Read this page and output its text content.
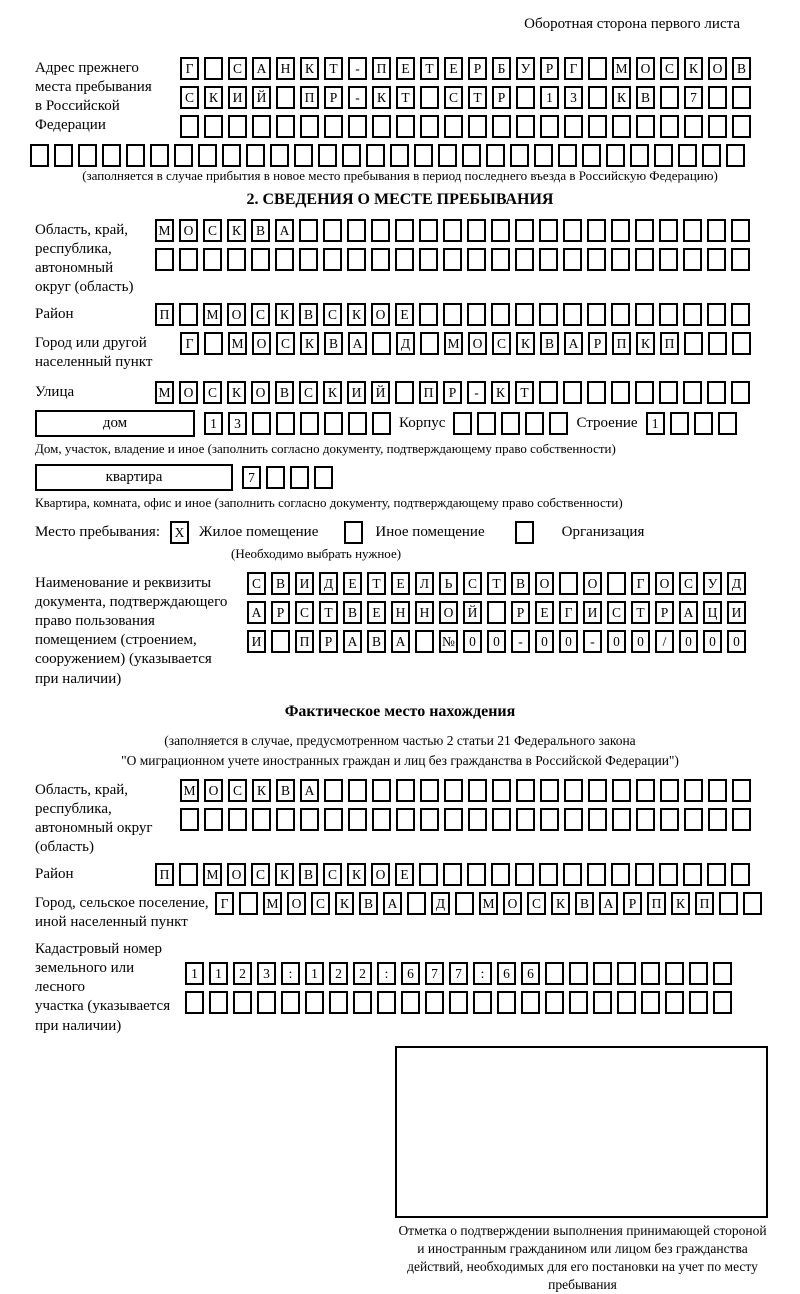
Оборотная сторона первого листа
Адрес прежнего
места пребывания
в Российской
Федерации
Г	С	А	Н	К	Т	-	П	Е	Т	Е	Р	Б	У	Р	Г	М О	С	К	О	В
С	К	И	Й	П	Р	-	К	Т	С	Т	Р	1	3	К	В	7
(заполняется в случае прибытия в новое место пребывания в период последнего въезда в Российскую Федерацию)
2. СВЕДЕНИЯ О МЕСТЕ ПРЕБЫВАНИЯ
Область, край,
республика,
автономный
округ (область)
М О	С	К	В	А
Район	П	М О	С	К	В	С	К	О	Е
Город или другой
населенный пункт
Г	М О	С	К	В	А	Д	М О	С	К	В	А	Р	П	К	П
Улица	М О	С	К	О	В	С	К	И	Й	П	Р	-	К	Т
дом	1	3	Корпус	Строение	1
Дом, участок, владение и иное (заполнить согласно документу, подтверждающему право собственности)
квартира	7
Квартира, комната, офис и иное (заполнить согласно документу, подтверждающему право собственности)
Место пребывания:	X Жилое помещение	Иное помещение	Организация
(Необходимо выбрать нужное)
Наименование и реквизиты
документа, подтверждающего
право пользования
помещением (строением,
сооружением) (указывается
при наличии)
С	В	И	Д	Е	Т	Е	Л	Ь	С	Т	В	О	О	Г	О	С	У	Д
А	Р	С	Т	В	Е	Н	Н	О	Й	Р	Е	Г	И	С	Т	Р	А	Ц	И
И	П	Р	А	В	А	№	0	0	-	0	0	-	0	0	/	0	0	0
Фактическое место нахождения
(заполняется в случае, предусмотренном частью 2 статьи 21 Федерального закона
"О миграционном учете иностранных граждан и лиц без гражданства в Российской Федерации")
Область, край,
республика,
автономный округ
(область)
М О	С	К	В	А
Район	П	М О	С	К	В	С	К	О	Е
Город, сельское поселение,
иной населенный пункт
Г	М О	С	К	В	А	Д	М О	С	К	В	А	Р	П	К	П
Кадастровый номер
земельного или лесного
участка (указывается
при наличии)
1	1	2	3	:	1	2	2	:	6	7	7	:	6	6
Отметка о подтверждении выполнения принимающей стороной и иностранным гражданином или лицом без гражданства действий, необходимых для его постановки на учет по месту пребывания
